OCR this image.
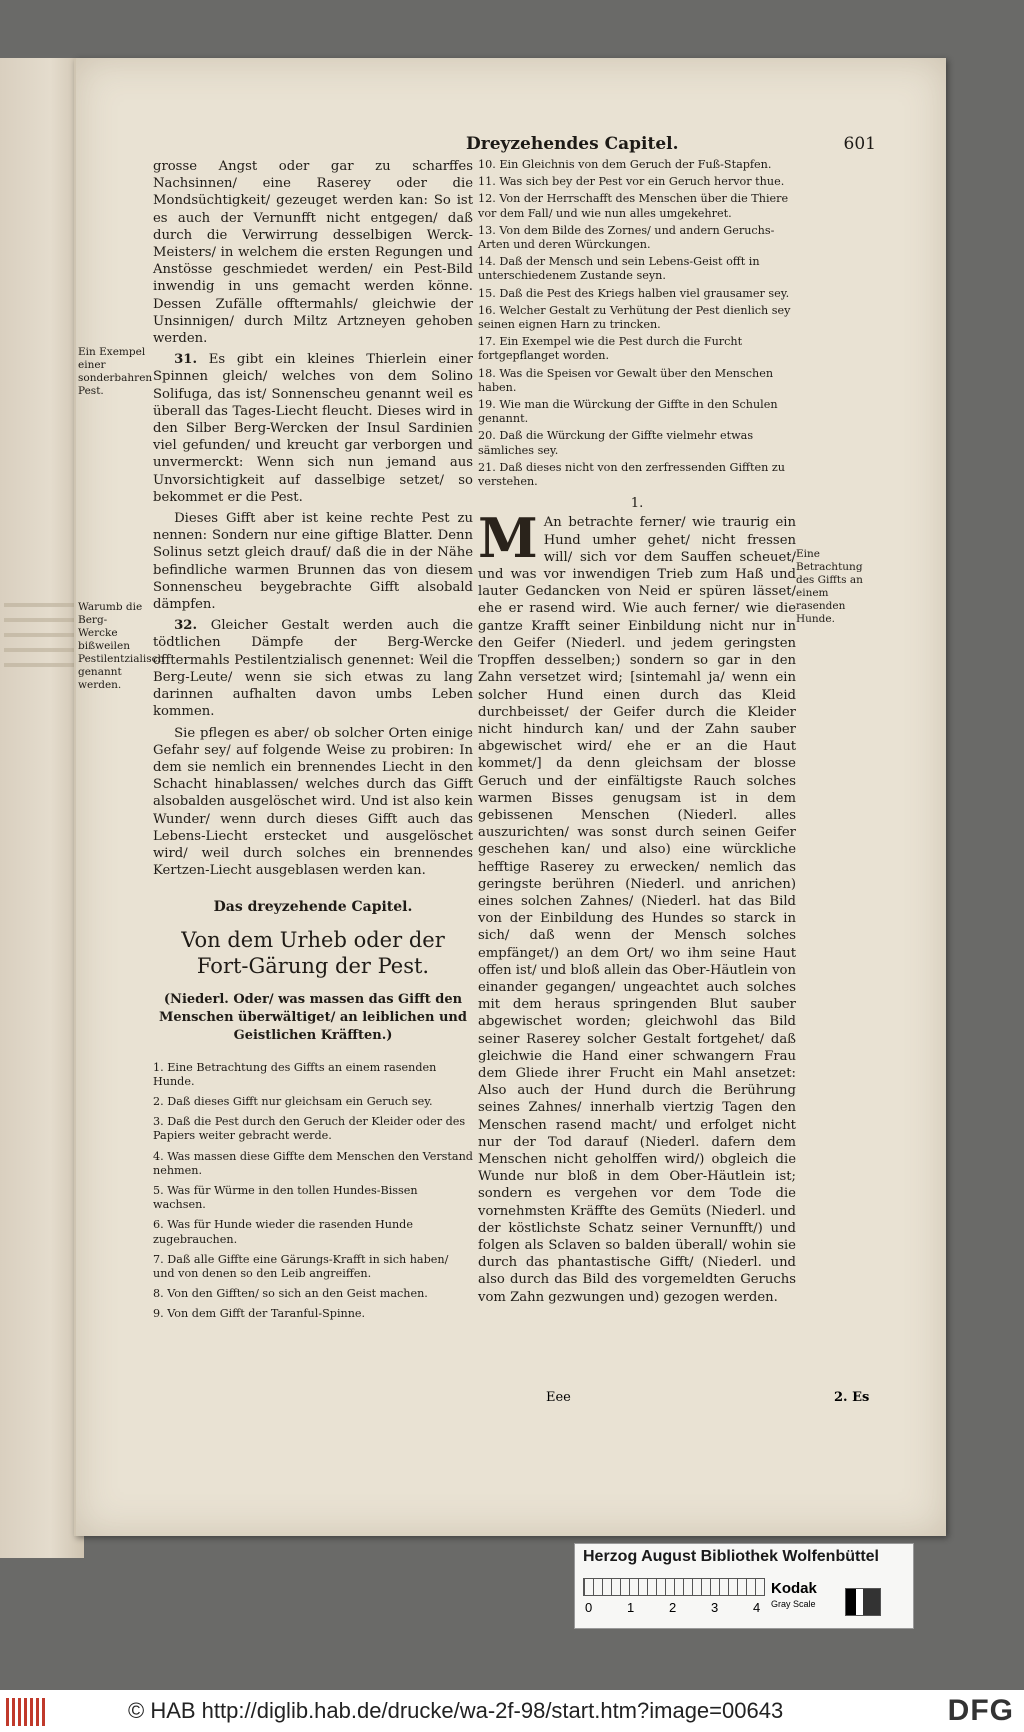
Dreyzehendes Capitel.	601
Ein Exempel einer sonderbahren Pest.
Warumb die Berg-Wercke bißweilen Pestilentzialisch genannt werden.
Eine Betrachtung des Giffts an einem rasenden Hunde.

grosse Angst oder gar zu scharffes Nachsinnen/ eine Raserey oder die Mondsüchtigkeit/ gezeuget werden kan: So ist es auch der Vernunfft nicht entgegen/ daß durch die Verwirrung desselbigen Werck-Meisters/ in welchem die ersten Regungen und Anstösse geschmiedet werden/ ein Pest-Bild inwendig in uns gemacht werden könne. Dessen Zufälle offtermahls/ gleichwie der Unsinnigen/ durch Miltz Artzneyen gehoben werden.

31. Es gibt ein kleines Thierlein einer Spinnen gleich/ welches von dem Solino Solifuga, das ist/ Sonnenscheu genannt weil es überall das Tages-Liecht fleucht. Dieses wird in den Silber Berg-Wercken der Insul Sardinien viel gefunden/ und kreucht gar verborgen und unvermerckt: Wenn sich nun jemand aus Unvorsichtigkeit auf dasselbige setzet/ so bekommet er die Pest.

Dieses Gifft aber ist keine rechte Pest zu nennen: Sondern nur eine giftige Blatter. Denn Solinus setzt gleich drauf/ daß die in der Nähe befindliche warmen Brunnen das von diesem Sonnenscheu beygebrachte Gifft alsobald dämpfen.

32. Gleicher Gestalt werden auch die tödtlichen Dämpfe der Berg-Wercke offtermahls Pestilentzialisch genennet: Weil die Berg-Leute/ wenn sie sich etwas zu lang darinnen aufhalten davon umbs Leben kommen.

Sie pflegen es aber/ ob solcher Orten einige Gefahr sey/ auf folgende Weise zu probiren: In dem sie nemlich ein brennendes Liecht in den Schacht hinablassen/ welches durch das Gifft alsobalden ausgelöschet wird. Und ist also kein Wunder/ wenn durch dieses Gifft auch das Lebens-Liecht erstecket und ausgelöschet wird/ weil durch solches ein brennendes Kertzen-Liecht ausgeblasen werden kan.

Das dreyzehende Capitel.
Von dem Urheb oder der Fort-Gärung der Pest.
(Niederl. Oder/ was massen das Gifft den Menschen überwältiget/ an leiblichen und Geistlichen Kräfften.)
1. Eine Betrachtung des Giffts an einem rasenden Hunde.
2. Daß dieses Gifft nur gleichsam ein Geruch sey.
3. Daß die Pest durch den Geruch der Kleider oder des Papiers weiter gebracht werde.
4. Was massen diese Giffte dem Menschen den Verstand nehmen.
5. Was für Würme in den tollen Hundes-Bissen wachsen.
6. Was für Hunde wieder die rasenden Hunde zugebrauchen.
7. Daß alle Giffte eine Gärungs-Krafft in sich haben/ und von denen so den Leib angreiffen.
8. Von den Gifften/ so sich an den Geist machen.
9. Von dem Gifft der Taranful-Spinne.
10. Ein Gleichnis von dem Geruch der Fuß-Stapfen.
11. Was sich bey der Pest vor ein Geruch hervor thue.
12. Von der Herrschafft des Menschen über die Thiere vor dem Fall/ und wie nun alles umgekehret.
13. Von dem Bilde des Zornes/ und andern Geruchs-Arten und deren Würckungen.
14. Daß der Mensch und sein Lebens-Geist offt in unterschiedenem Zustande seyn.
15. Daß die Pest des Kriegs halben viel grausamer sey.
16. Welcher Gestalt zu Verhütung der Pest dienlich sey seinen eignen Harn zu trincken.
17. Ein Exempel wie die Pest durch die Furcht fortgepflanget worden.
18. Was die Speisen vor Gewalt über den Menschen haben.
19. Wie man die Würckung der Giffte in den Schulen genannt.
20. Daß die Würckung der Giffte vielmehr etwas sämliches sey.
21. Daß dieses nicht von den zerfressenden Gifften zu verstehen.
1.

M An betrachte ferner/ wie traurig ein Hund umher gehet/ nicht fressen will/ sich vor dem Sauffen scheuet/ und was vor inwendigen Trieb zum Haß und lauter Gedancken von Neid er spüren lässet/ ehe er rasend wird. Wie auch ferner/ wie die gantze Krafft seiner Einbildung nicht nur in den Geifer (Niederl. und jedem geringsten Tropffen desselben;) sondern so gar in den Zahn versetzet wird; [sintemahl ja/ wenn ein solcher Hund einen durch das Kleid durchbeisset/ der Geifer durch die Kleider nicht hindurch kan/ und der Zahn sauber abgewischet wird/ ehe er an die Haut kommet/] da denn gleichsam der blosse Geruch und der einfältigste Rauch solches warmen Bisses genugsam ist in dem gebissenen Menschen (Niederl. alles auszurichten/ was sonst durch seinen Geifer geschehen kan/ und also) eine würckliche hefftige Raserey zu erwecken/ nemlich das geringste berühren (Niederl. und anrichen) eines solchen Zahnes/ (Niederl. hat das Bild von der Einbildung des Hundes so starck in sich/ daß wenn der Mensch solches empfänget/) an dem Ort/ wo ihm seine Haut offen ist/ und bloß allein das Ober-Häutlein von einander gegangen/ ungeachtet auch solches mit dem heraus springenden Blut sauber abgewischet worden; gleichwohl das Bild seiner Raserey solcher Gestalt fortgehet/ daß gleichwie die Hand einer schwangern Frau dem Gliede ihrer Frucht ein Mahl ansetzet: Also auch der Hund durch die Berührung seines Zahnes/ innerhalb viertzig Tagen den Menschen rasend macht/ und erfolget nicht nur der Tod darauf (Niederl. dafern dem Menschen nicht geholffen wird/) obgleich die Wunde nur bloß in dem Ober-Häutlein ist; sondern es vergehen vor dem Tode die vornehmsten Kräffte des Gemüts (Niederl. und der köstlichste Schatz seiner Vernunfft/) und folgen als Sclaven so balden überall/ wohin sie durch das phantastische Gifft/ (Niederl. und also durch das Bild des vorgemeldten Geruchs vom Zahn gezwungen und) gezogen werden.

Eee	2. Es
Herzog August Bibliothek Wolfenbüttel
0	1	2	3	4
Kodak
Gray Scale
© HAB http://diglib.hab.de/drucke/wa-2f-98/start.htm?image=00643	DFG
